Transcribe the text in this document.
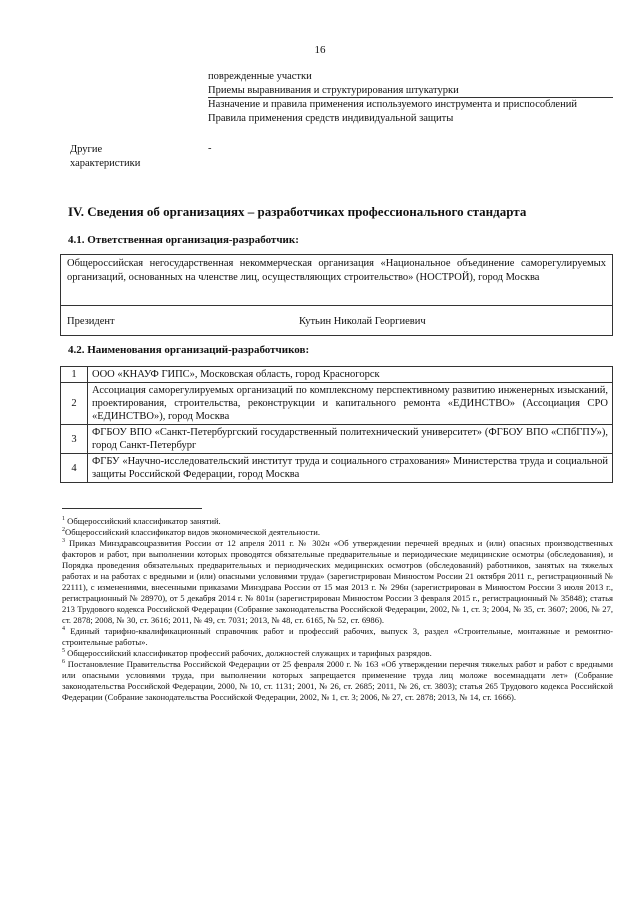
16

поврежденные участки

Приемы выравнивания и структурирования штукатурки

Назначение и правила применения используемого инструмента и приспособлений

Правила применения средств индивидуальной защиты

Другие характеристики
-
IV. Сведения об организациях – разработчиках профессионального стандарта
4.1. Ответственная организация-разработчик:
Общероссийская негосударственная некоммерческая организация «Национальное объединение саморегулируемых организаций, основанных на членстве лиц, осуществляющих строительство» (НОСТРОЙ), город Москва
Президент	Кутьин Николай Георгиевич
4.2. Наименования организаций-разработчиков:
1	ООО «КНАУФ ГИПС», Московская область, город Красногорск
2	Ассоциация саморегулируемых организаций по комплексному перспективному развитию инженерных изысканий, проектирования, строительства, реконструкции и капитального ремонта «ЕДИНСТВО» (Ассоциация СРО «ЕДИНСТВО»), город Москва
3	ФГБОУ ВПО «Санкт-Петербургский государственный политехнический университет» (ФГБОУ ВПО «СПбГПУ»), город Санкт-Петербург
4	ФГБУ «Научно-исследовательский институт труда и социального страхования» Министерства труда и социальной защиты Российской Федерации, город Москва

$^1$ Общероссийский классификатор занятий.

$^2$Общероссийский классификатор видов экономической деятельности.

$^3$ Приказ Минздравсоцразвития России от 12 апреля 2011 г. № 302н «Об утверждении перечней вредных и (или) опасных производственных факторов и работ, при выполнении которых проводятся обязательные предварительные и периодические медицинские осмотры (обследования), и Порядка проведения обязательных предварительных и периодических медицинских осмотров (обследований) работников, занятых на тяжелых работах и на работах с вредными и (или) опасными условиями труда» (зарегистрирован Минюстом России 21 октября 2011 г., регистрационный № 22111), с изменениями, внесенными приказами Минздрава России от 15 мая 2013 г. № 296н (зарегистрирован в Минюстом России 3 июля 2013 г., регистрационный № 28970), от 5 декабря 2014 г. № 801н (зарегистрирован Минюстом России 3 февраля 2015 г., регистрационный № 35848); статья 213 Трудового кодекса Российской Федерации (Собрание законодательства Российской Федерации, 2002, № 1, ст. 3; 2004, № 35, ст. 3607; 2006, № 27, ст. 2878; 2008, № 30, ст. 3616; 2011, № 49, ст. 7031; 2013, № 48, ст. 6165, № 52, ст. 6986).

$^4$ Единый тарифно-квалификационный справочник работ и профессий рабочих, выпуск 3, раздел «Строительные, монтажные и ремонтно-строительные работы».

$^5$ Общероссийский классификатор профессий рабочих, должностей служащих и тарифных разрядов.

$^6$ Постановление Правительства Российской Федерации от 25 февраля 2000 г. № 163 «Об утверждении перечня тяжелых работ и работ с вредными или опасными условиями труда, при выполнении которых запрещается применение труда лиц моложе восемнадцати лет» (Собрание законодательства Российской Федерации, 2000, № 10, ст. 1131; 2001, № 26, ст. 2685; 2011, № 26, ст. 3803); статья 265 Трудового кодекса Российской Федерации (Собрание законодательства Российской Федерации, 2002, № 1, ст. 3; 2006, № 27, ст. 2878; 2013, № 14, ст. 1666).
